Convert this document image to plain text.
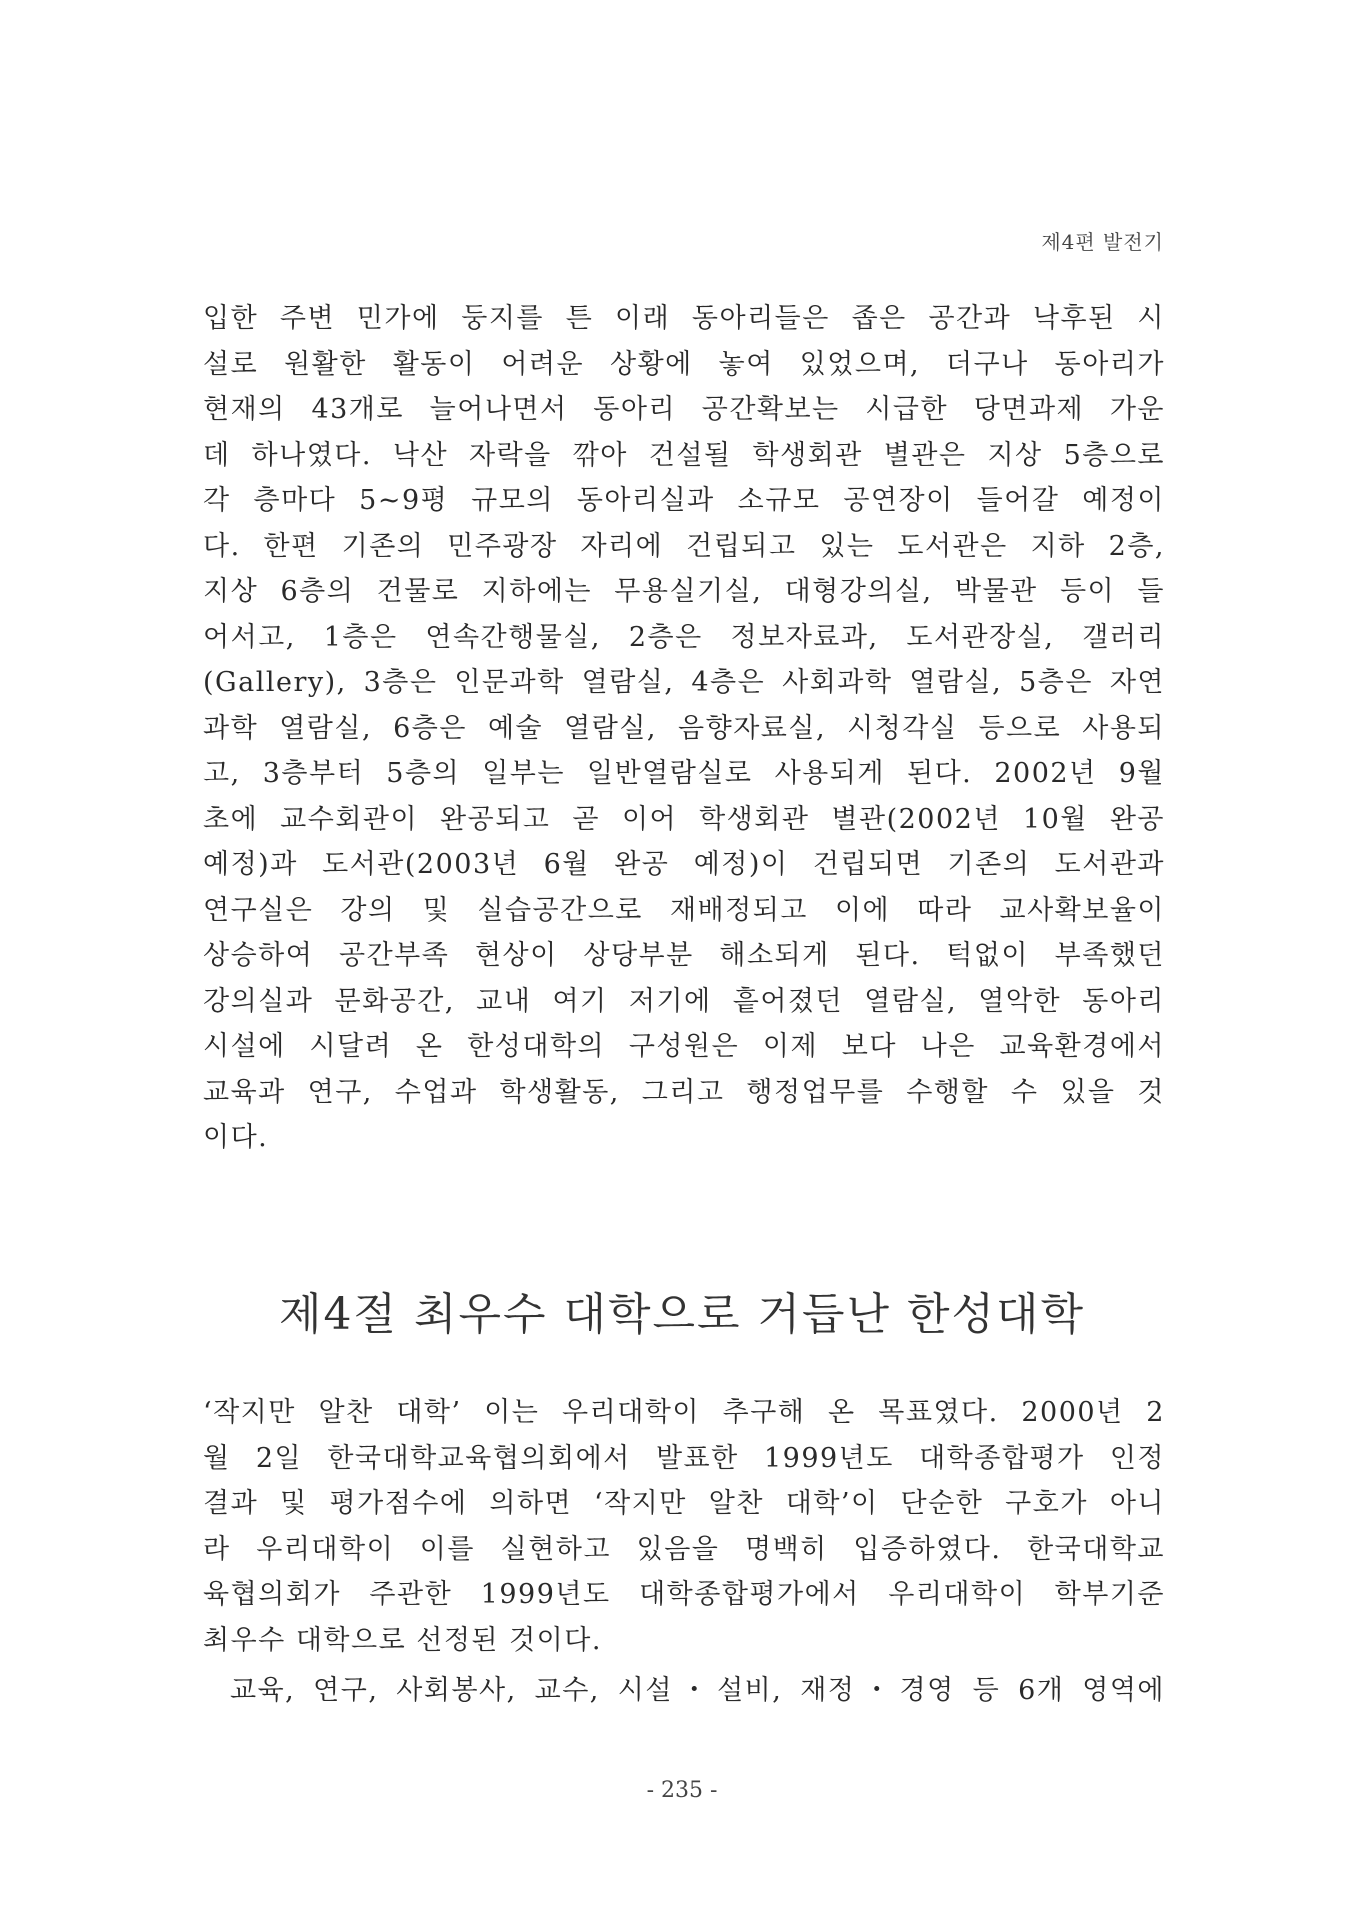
제4편 발전기
입한 주변 민가에 둥지를 튼 이래 동아리들은 좁은 공간과 낙후된 시
설로 원활한 활동이 어려운 상황에 놓여 있었으며, 더구나 동아리가
현재의 43개로 늘어나면서 동아리 공간확보는 시급한 당면과제 가운
데 하나였다. 낙산 자락을 깎아 건설될 학생회관 별관은 지상 5층으로
각 층마다 5~9평 규모의 동아리실과 소규모 공연장이 들어갈 예정이
다. 한편 기존의 민주광장 자리에 건립되고 있는 도서관은 지하 2층,
지상 6층의 건물로 지하에는 무용실기실, 대형강의실, 박물관 등이 들
어서고, 1층은 연속간행물실, 2층은 정보자료과, 도서관장실, 갤러리
(Gallery), 3층은 인문과학 열람실, 4층은 사회과학 열람실, 5층은 자연
과학 열람실, 6층은 예술 열람실, 음향자료실, 시청각실 등으로 사용되
고, 3층부터 5층의 일부는 일반열람실로 사용되게 된다. 2002년 9월
초에 교수회관이 완공되고 곧 이어 학생회관 별관(2002년 10월 완공
예정)과 도서관(2003년 6월 완공 예정)이 건립되면 기존의 도서관과
연구실은 강의 및 실습공간으로 재배정되고 이에 따라 교사확보율이
상승하여 공간부족 현상이 상당부분 해소되게 된다. 턱없이 부족했던
강의실과 문화공간, 교내 여기 저기에 흩어졌던 열람실, 열악한 동아리
시설에 시달려 온 한성대학의 구성원은 이제 보다 나은 교육환경에서
교육과 연구, 수업과 학생활동, 그리고 행정업무를 수행할 수 있을 것
이다.
제4절 최우수 대학으로 거듭난 한성대학
‘작지만 알찬 대학’ 이는 우리대학이 추구해 온 목표였다. 2000년 2
월 2일 한국대학교육협의회에서 발표한 1999년도 대학종합평가 인정
결과 및 평가점수에 의하면 ‘작지만 알찬 대학’이 단순한 구호가 아니
라 우리대학이 이를 실현하고 있음을 명백히 입증하였다. 한국대학교
육협의회가 주관한 1999년도 대학종합평가에서 우리대학이 학부기준
최우수 대학으로 선정된 것이다.
교육, 연구, 사회봉사, 교수, 시설・설비, 재정・경영 등 6개 영역에
- 235 -
